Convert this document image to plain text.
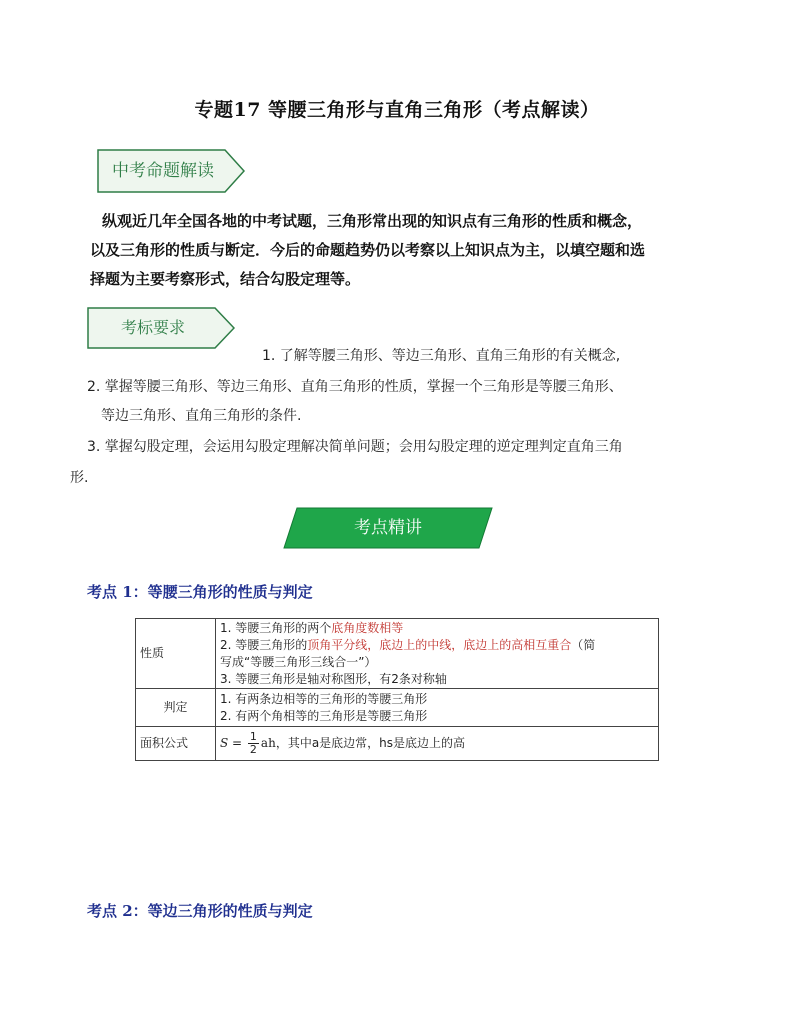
专题17 等腰三角形与直角三角形（考点解读）
中考命题解读
纵观近几年全国各地的中考试题，三角形常出现的知识点有三角形的性质和概念，
以及三角形的性质与断定．今后的命题趋势仍以考察以上知识点为主，以填空题和选
择题为主要考察形式，结合勾股定理等。
考标要求
1. 了解等腰三角形、等边三角形、直角三角形的有关概念,
2. 掌握等腰三角形、等边三角形、直角三角形的性质，掌握一个三角形是等腰三角形、
等边三角形、直角三角形的条件.
3. 掌握勾股定理，会运用勾股定理解决简单问题；会用勾股定理的逆定理判定直角三角
形.
考点精讲
考点 1：等腰三角形的性质与判定
性质	1. 等腰三角形的两个底角度数相等
2. 等腰三角形的顶角平分线，底边上的中线，底边上的高相互重合（简
写成“等腰三角形三线合一”）
3. 等腰三角形是轴对称图形，有2条对称轴

判定	1. 有两条边相等的三角形的等腰三角形
2. 有两个角相等的三角形是等腰三角形

面积公式	$S = \frac{1}{2}$ ah，其中a是底边常，hs是底边上的高
考点 2：等边三角形的性质与判定
